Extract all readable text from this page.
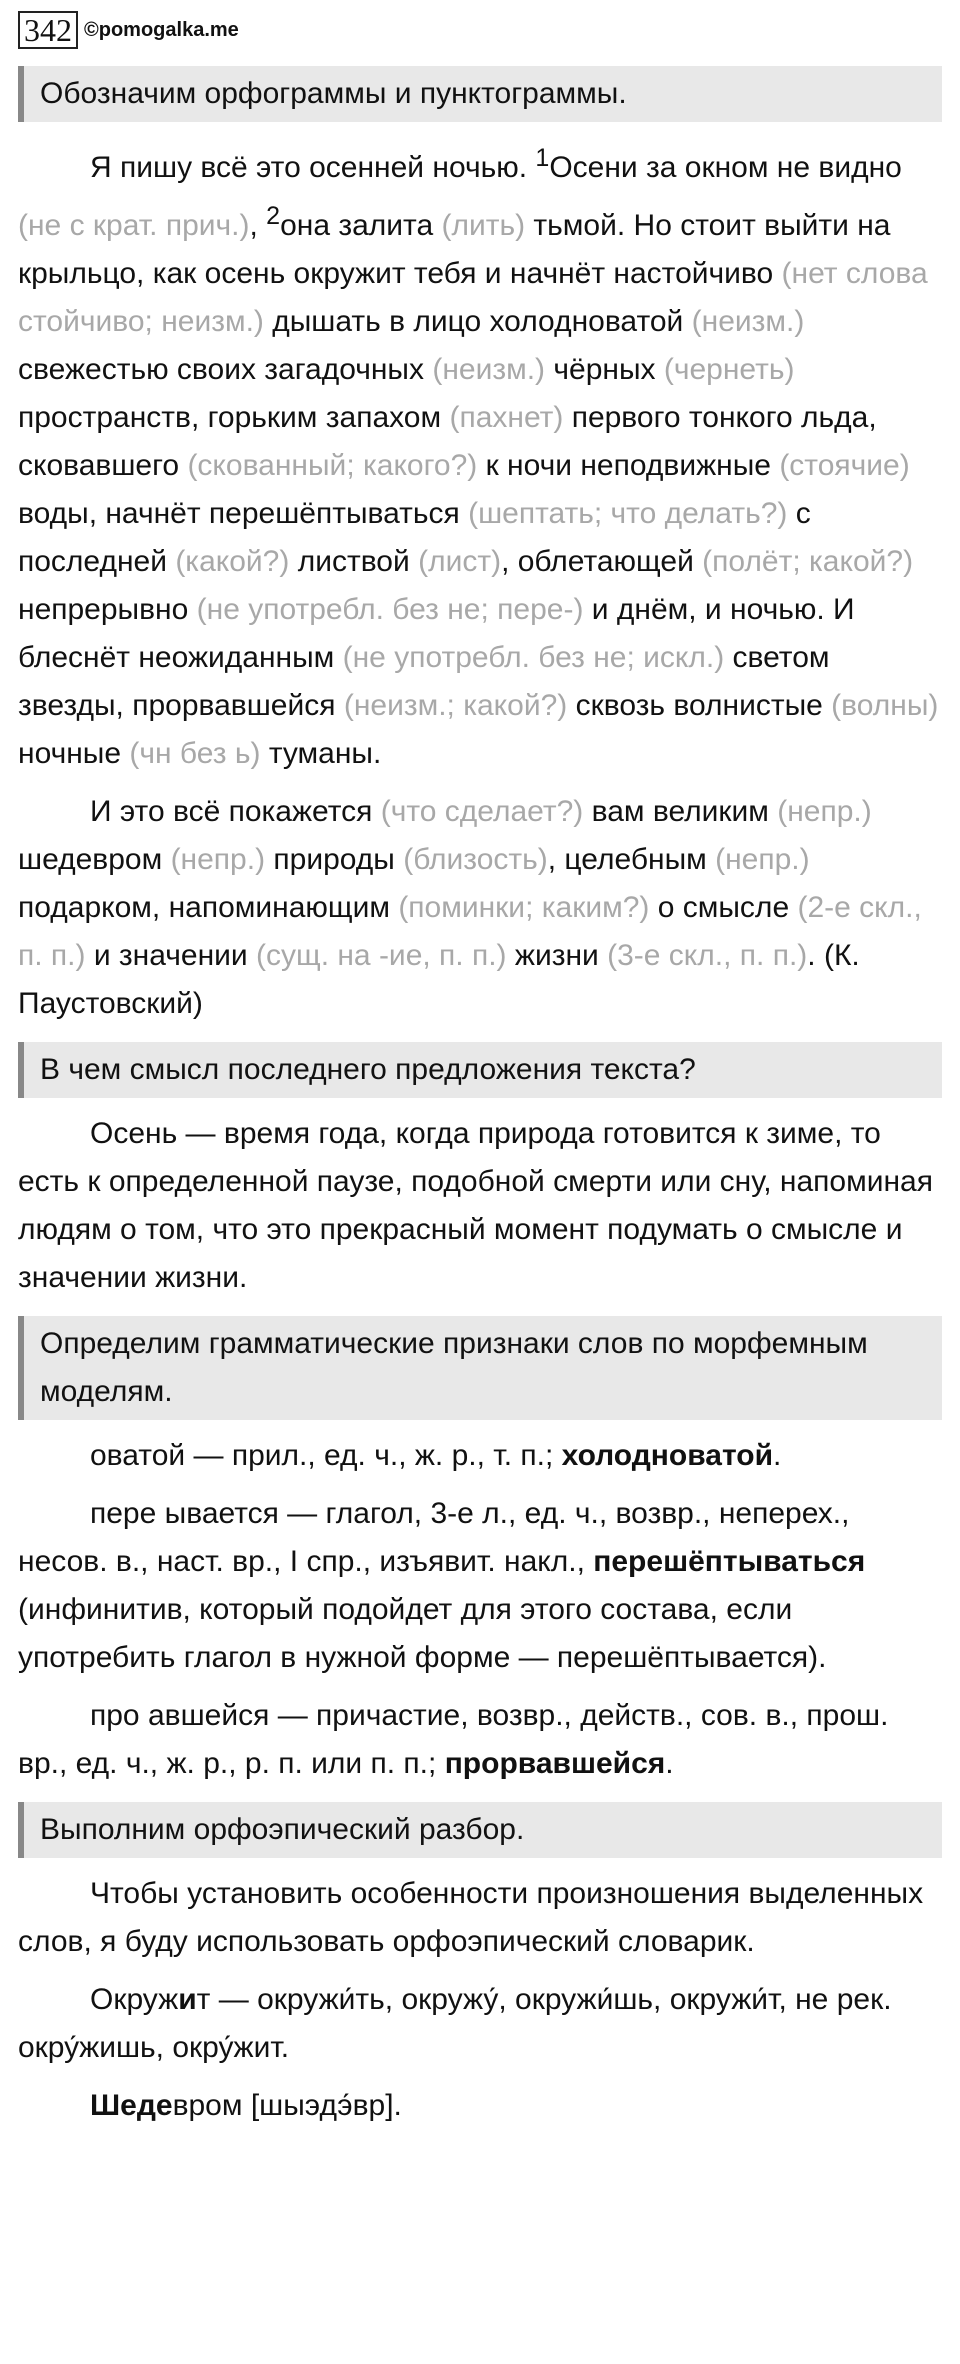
342 ©pomogalka.me
Обозначим орфограммы и пунктограммы.

Я пишу всё это осенней ночью. $^1$Осени за окном не видно (не с крат. прич.), $^2$она залита (лить) тьмой. Но стоит выйти на крыльцо, как осень окружит тебя и начнёт настойчиво (нет слова стойчиво; неизм.) дышать в лицо холодноватой (неизм.) свежестью своих загадочных (неизм.) чёрных (чернеть) пространств, горьким запахом (пахнет) первого тонкого льда, сковавшего (скованный; какого?) к ночи неподвижные (стоячие) воды, начнёт перешёптываться (шептать; что делать?) с последней (какой?) листвой (лист), облетающей (полёт; какой?) непрерывно (не употребл. без не; пере-) и днём, и ночью. И блеснёт неожиданным (не употребл. без не; искл.) светом звезды, прорвавшейся (неизм.; какой?) сквозь волнистые (волны) ночные (чн без ь) туманы.

И это всё покажется (что сделает?) вам великим (непр.) шедевром (непр.) природы (близость), целебным (непр.) подарком, напоминающим (поминки; каким?) о смысле (2-е скл., п. п.) и значении (сущ. на -ие, п. п.) жизни (3-е скл., п. п.). (К. Паустовский)

В чем смысл последнего предложения текста?

Осень — время года, когда природа готовится к зиме, то есть к определенной паузе, подобной смерти или сну, напоминая людям о том, что это прекрасный момент подумать о смысле и значении жизни.

Определим грамматические признаки слов по морфемным моделям.

оватой — прил., ед. ч., ж. р., т. п.; холодноватой.

пере ывается — глагол, 3-е л., ед. ч., возвр., неперех., несов. в., наст. вр., I спр., изъявит. накл., перешёптываться (инфинитив, который подойдет для этого состава, если употребить глагол в нужной форме — перешёптывается).

про авшейся — причастие, возвр., действ., сов. в., прош. вр., ед. ч., ж. р., р. п. или п. п.; прорвавшейся.

Выполним орфоэпический разбор.

Чтобы установить особенности произношения выделенных слов, я буду использовать орфоэпический словарик.

Окружит — окружи́ть, окружу́, окружи́шь, окружи́т, не рек. окру́жишь, окру́жит.

Шедевром [шыэдэ́вр].
